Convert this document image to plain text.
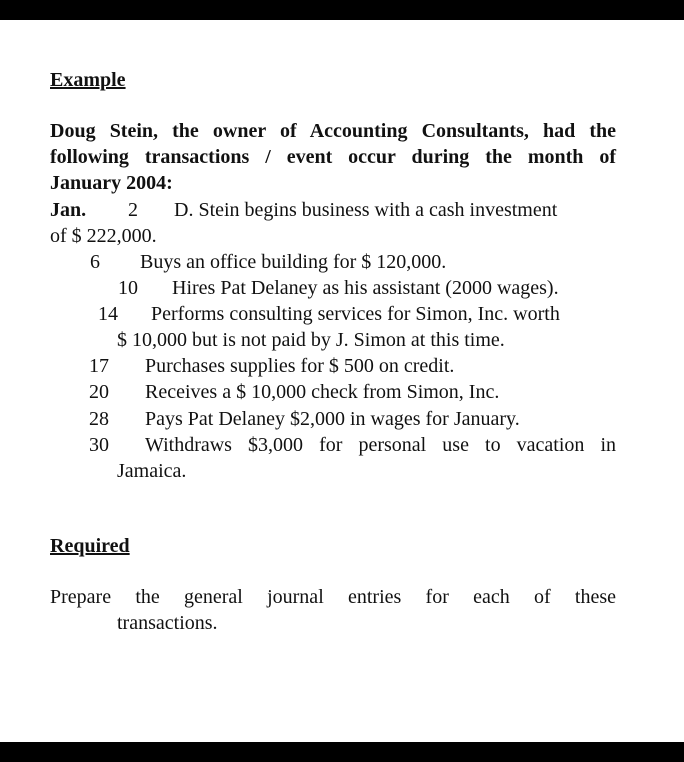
Example
Doug Stein, the owner of Accounting Consultants, had the
following transactions / event occur during the month of
January 2004:
Jan. 2 D. Stein begins business with a cash investment
of $ 222,000.
6 Buys an office building for $ 120,000.
10 Hires Pat Delaney as his assistant (2000 wages).
14 Performs consulting services for Simon, Inc. worth
$ 10,000 but is not paid by J. Simon at this time.
17 Purchases supplies for $ 500 on credit.
20 Receives a $ 10,000 check from Simon, Inc.
28 Pays Pat Delaney $2,000 in wages for January.
30 Withdraws $3,000 for personal use to vacation in
Jamaica.
Required
Prepare the general journal entries for each of these
transactions.
